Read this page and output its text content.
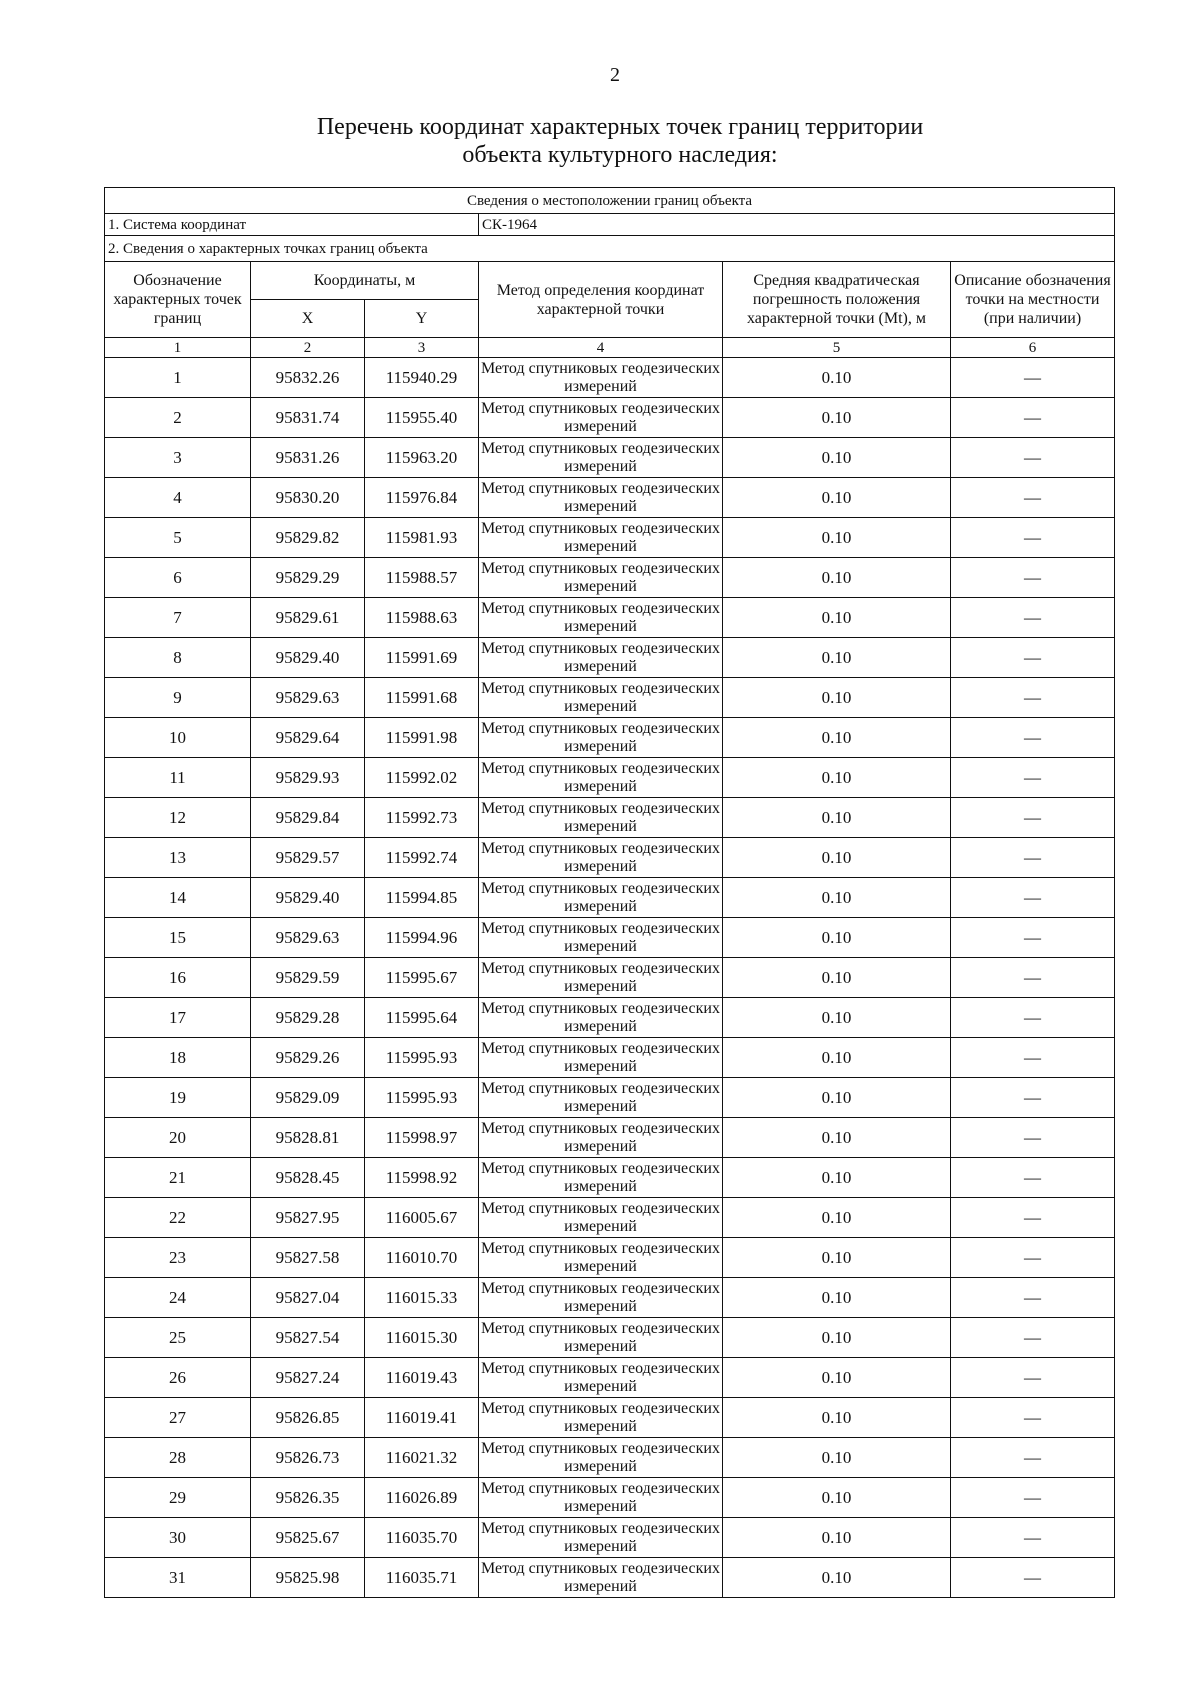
2
Перечень координат характерных точек границ территории
объекта культурного наследия:
Сведения о местоположении границ объекта					
1. Система координат			СК-1964		
2. Сведения о характерных точках границ объекта					
Обозначение характерных точек границ	Координаты, м		Метод определения координат характерной точки	Средняя квадратическая погрешность положения характерной точки (Mt), м	Описание обозначения точки на местности (при наличии)
	X	Y			
1	2	3	4	5	6
1	95832.26	115940.29	Метод спутниковых геодезических измерений	0.10	—
2	95831.74	115955.40	Метод спутниковых геодезических измерений	0.10	—
3	95831.26	115963.20	Метод спутниковых геодезических измерений	0.10	—
4	95830.20	115976.84	Метод спутниковых геодезических измерений	0.10	—
5	95829.82	115981.93	Метод спутниковых геодезических измерений	0.10	—
6	95829.29	115988.57	Метод спутниковых геодезических измерений	0.10	—
7	95829.61	115988.63	Метод спутниковых геодезических измерений	0.10	—
8	95829.40	115991.69	Метод спутниковых геодезических измерений	0.10	—
9	95829.63	115991.68	Метод спутниковых геодезических измерений	0.10	—
10	95829.64	115991.98	Метод спутниковых геодезических измерений	0.10	—
11	95829.93	115992.02	Метод спутниковых геодезических измерений	0.10	—
12	95829.84	115992.73	Метод спутниковых геодезических измерений	0.10	—
13	95829.57	115992.74	Метод спутниковых геодезических измерений	0.10	—
14	95829.40	115994.85	Метод спутниковых геодезических измерений	0.10	—
15	95829.63	115994.96	Метод спутниковых геодезических измерений	0.10	—
16	95829.59	115995.67	Метод спутниковых геодезических измерений	0.10	—
17	95829.28	115995.64	Метод спутниковых геодезических измерений	0.10	—
18	95829.26	115995.93	Метод спутниковых геодезических измерений	0.10	—
19	95829.09	115995.93	Метод спутниковых геодезических измерений	0.10	—
20	95828.81	115998.97	Метод спутниковых геодезических измерений	0.10	—
21	95828.45	115998.92	Метод спутниковых геодезических измерений	0.10	—
22	95827.95	116005.67	Метод спутниковых геодезических измерений	0.10	—
23	95827.58	116010.70	Метод спутниковых геодезических измерений	0.10	—
24	95827.04	116015.33	Метод спутниковых геодезических измерений	0.10	—
25	95827.54	116015.30	Метод спутниковых геодезических измерений	0.10	—
26	95827.24	116019.43	Метод спутниковых геодезических измерений	0.10	—
27	95826.85	116019.41	Метод спутниковых геодезических измерений	0.10	—
28	95826.73	116021.32	Метод спутниковых геодезических измерений	0.10	—
29	95826.35	116026.89	Метод спутниковых геодезических измерений	0.10	—
30	95825.67	116035.70	Метод спутниковых геодезических измерений	0.10	—
31	95825.98	116035.71	Метод спутниковых геодезических измерений	0.10	—
